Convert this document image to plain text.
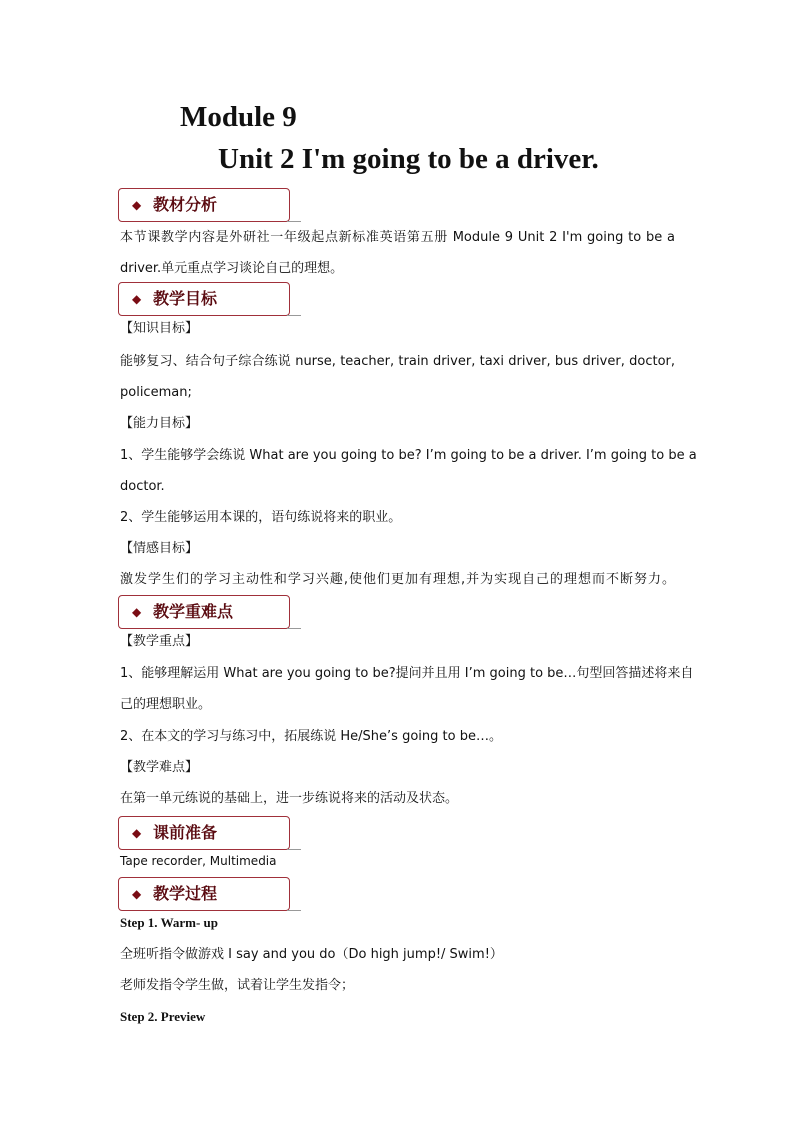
Module 9
Unit 2 I'm going to be a driver.
◆ 教材分析
本节课教学内容是外研社一年级起点新标准英语第五册 Module 9 Unit 2 I'm going to be a
driver.单元重点学习谈论自己的理想。
◆ 教学目标
【知识目标】
能够复习、结合句子综合练说 nurse, teacher, train driver, taxi driver, bus driver, doctor,
policeman;
【能力目标】
1、学生能够学会练说 What are you going to be? I’m going to be a driver. I’m going to be a
doctor.
2、学生能够运用本课的，语句练说将来的职业。
【情感目标】
激发学生们的学习主动性和学习兴趣,使他们更加有理想,并为实现自己的理想而不断努力。
◆ 教学重难点
【教学重点】
1、能够理解运用 What are you going to be?提问并且用 I’m going to be…句型回答描述将来自
己的理想职业。
2、在本文的学习与练习中，拓展练说 He/She’s going to be…。
【教学难点】
在第一单元练说的基础上，进一步练说将来的活动及状态。
◆ 课前准备
Tape recorder, Multimedia
◆ 教学过程
Step 1. Warm- up
全班听指令做游戏 I say and you do（Do high jump!/ Swim!）
老师发指令学生做，试着让学生发指令；
Step 2. Preview
